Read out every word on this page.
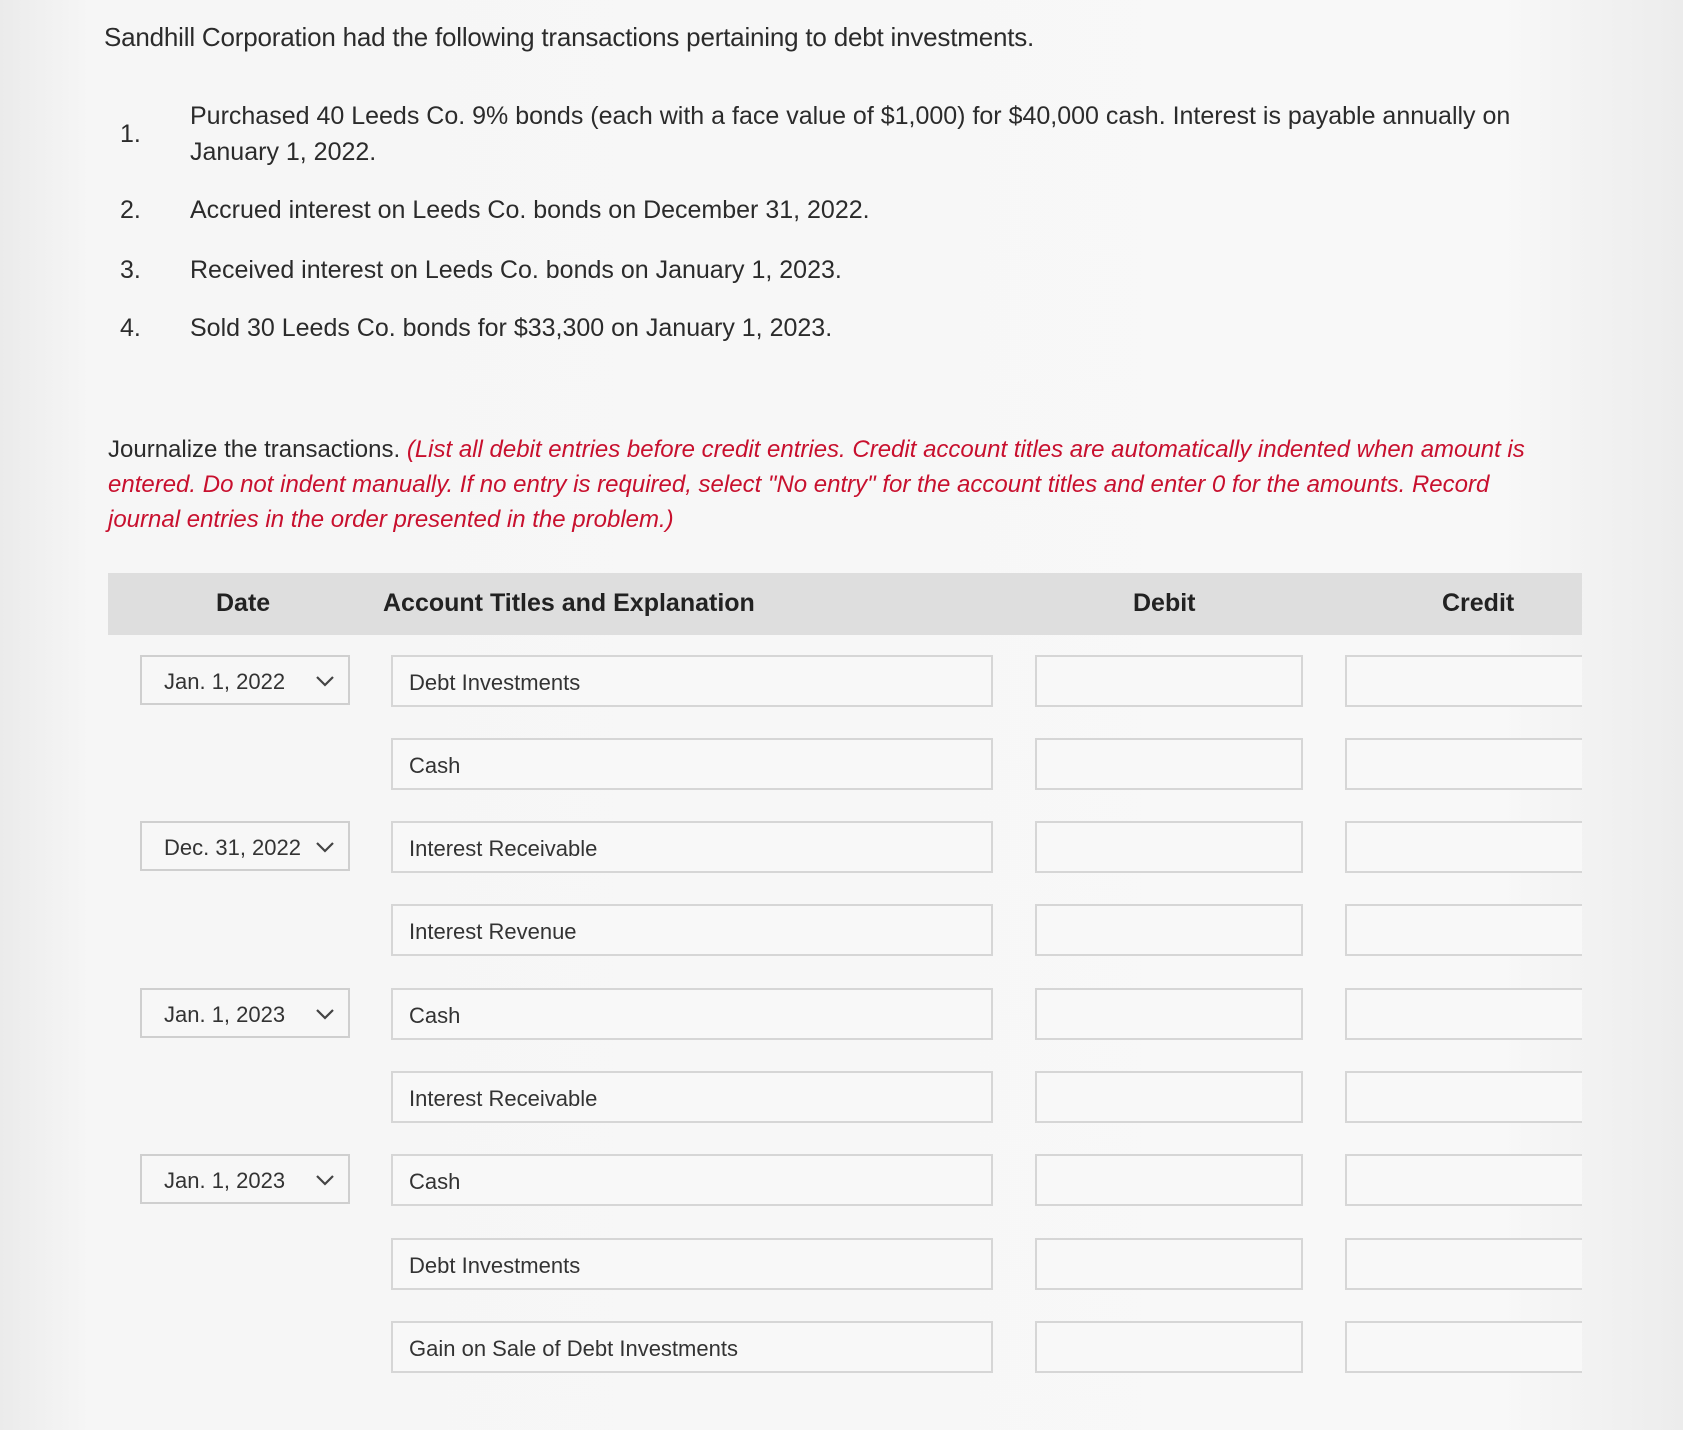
Sandhill Corporation had the following transactions pertaining to debt investments.
1.
Purchased 40 Leeds Co. 9% bonds (each with a face value of $1,000) for $40,000 cash. Interest is payable annually on January 1, 2022.
2. Accrued interest on Leeds Co. bonds on December 31, 2022.
3. Received interest on Leeds Co. bonds on January 1, 2023.
4. Sold 30 Leeds Co. bonds for $33,300 on January 1, 2023.
Journalize the transactions. (List all debit entries before credit entries. Credit account titles are automatically indented when amount is entered. Do not indent manually. If no entry is required, select "No entry" for the account titles and enter 0 for the amounts. Record journal entries in the order presented in the problem.)
Date	Account Titles and Explanation	Debit	Credit
Jan. 1, 2022	Debt Investments
Cash
Dec. 31, 2022	Interest Receivable
Interest Revenue
Jan. 1, 2023	Cash
Interest Receivable
Jan. 1, 2023	Cash
Debt Investments
Gain on Sale of Debt Investments
